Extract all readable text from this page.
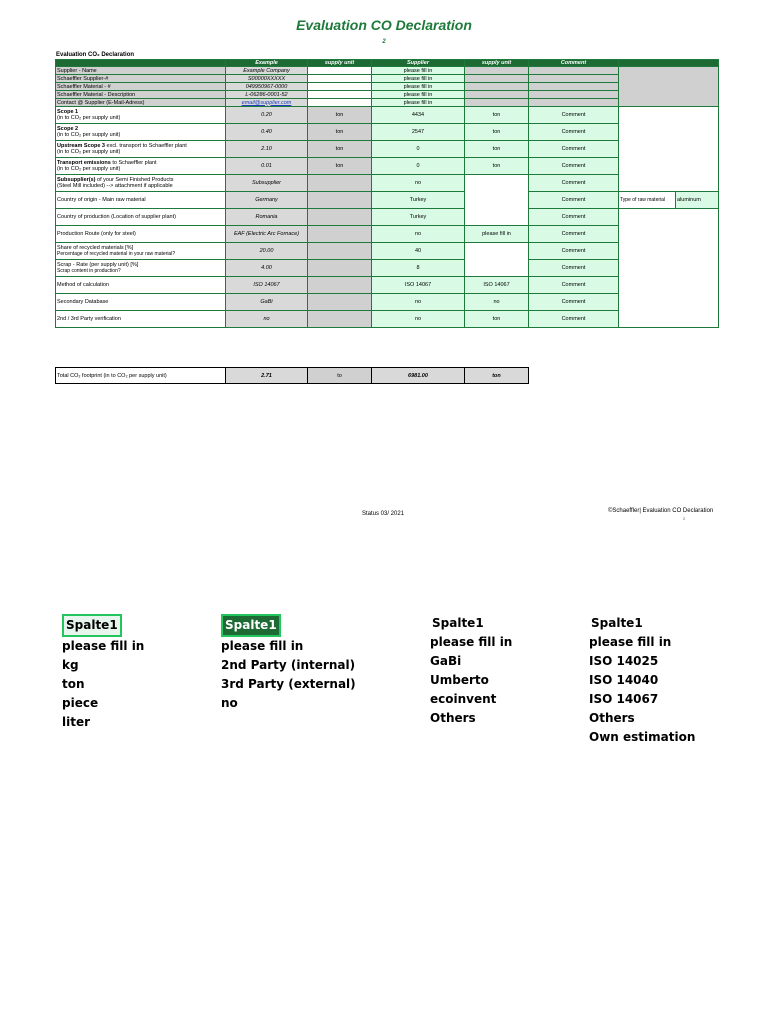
Evaluation CO Declaration
2
Evaluation CO₂ Declaration
	Example	supply unit	Supplier	supply unit	Comment		
Supplier - Name	Example Company		please fill in				
Schaeffler Supplier-#	S00000XXXXX		please fill in				
Schaeffler Material - #	049950967-0000		please fill in				
Schaeffler Material - Description	L-06286-0001-52		please fill in				
Contact @ Supplier (E-Mail-Adress)	email@supplier.com		please fill in				
Scope 1
(in to CO₂ per supply unit)	0.20	ton	4434	ton	Comment		
Scope 2
(in to CO₂ per supply unit)	0.40	ton	2547	ton	Comment		
Upstream Scope 3 excl. transport to Schaeffler plant
(in to CO₂ per supply unit)	2.10	ton	0	ton	Comment		
Transport emissions to Schaeffler plant
(in to CO₂ per supply unit)	0.01	ton	0	ton	Comment		
Subsupplier(s) of your Semi Finished Products
(Steel Mill included) --> attachment if applicable	Subsupplier		no		Comment		
Country of origin - Main raw material	Germany		Turkey		Comment	Type of raw material	aluminum
Country of production (Location of supplier plant)	Romania		Turkey		Comment		
Production Route (only for steel)	EAF (Electric Arc Fornace)		no	please fill in	Comment		
Share of recycled materials [%]
Percentage of recycled material in your raw material?	20.00		40		Comment		
Scrap - Rate (per supply unit) [%]
Scrap content in production?	4.00		8		Comment		
Method of calculation	ISO 14067		ISO 14067	ISO 14067	Comment		
Secondary Database	GaBi		no	no	Comment		
2nd / 3rd Party verification	no		no	ton	Comment		
Total CO₂ footprint (in to CO₂ per supply unit)	2.71	to	6981.00	ton
Status 03/ 2021	©Schaeffler| Evaluation CO Declaration
2
Spalte1
please fill in
kg
ton
piece
liter
Spalte1
please fill in
2nd Party (internal)
3rd Party (external)
no
Spalte1
please fill in
GaBi
Umberto
ecoinvent
Others
Spalte1
please fill in
ISO 14025
ISO 14040
ISO 14067
Others
Own estimation
